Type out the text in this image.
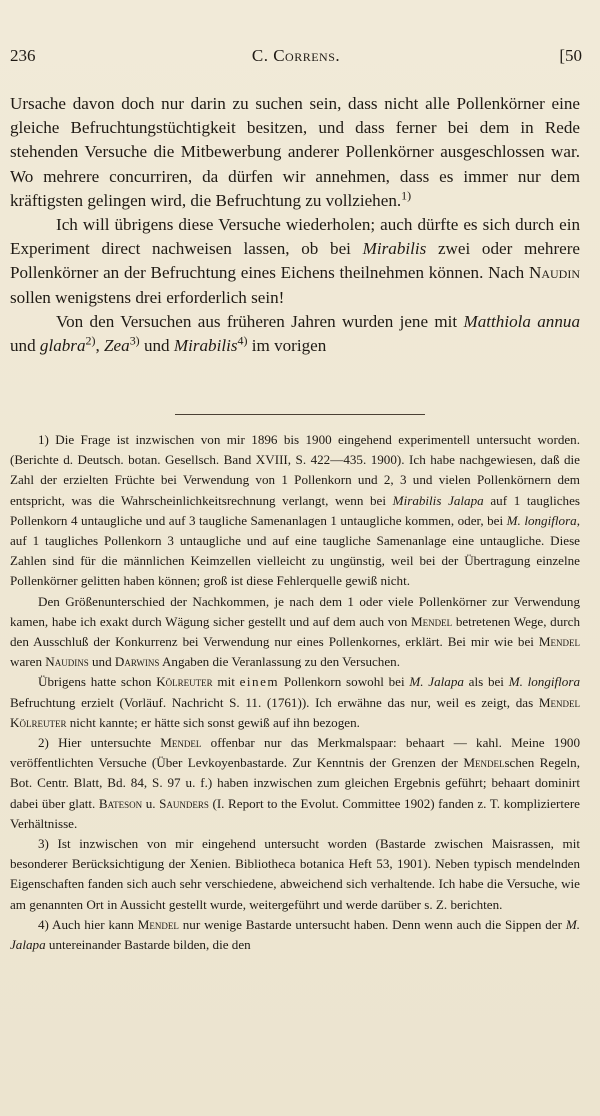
236	C. Correns.	[50

Ursache davon doch nur darin zu suchen sein, dass nicht alle Pollenkörner eine gleiche Befruchtungstüchtigkeit besitzen, und dass ferner bei dem in Rede stehenden Versuche die Mitbewerbung anderer Pollenkörner ausgeschlossen war. Wo mehrere concurriren, da dürfen wir annehmen, dass es immer nur dem kräftigsten gelingen wird, die Befruchtung zu vollziehen.$^{1)}$

Ich will übrigens diese Versuche wiederholen; auch dürfte es sich durch ein Experiment direct nachweisen lassen, ob bei Mirabilis zwei oder mehrere Pollenkörner an der Befruchtung eines Eichens theilnehmen können. Nach Naudin sollen wenigstens drei erforderlich sein!

Von den Versuchen aus früheren Jahren wurden jene mit Matthiola annua und glabra$^{2)}$, Zea$^{3)}$ und Mirabilis$^{4)}$ im vorigen

1) Die Frage ist inzwischen von mir 1896 bis 1900 eingehend experimentell untersucht worden. (Berichte d. Deutsch. botan. Gesellsch. Band XVIII, S. 422—435. 1900). Ich habe nachgewiesen, daß die Zahl der erzielten Früchte bei Verwendung von 1 Pollenkorn und 2, 3 und vielen Pollenkörnern dem entspricht, was die Wahrscheinlichkeitsrechnung verlangt, wenn bei Mirabilis Jalapa auf 1 taugliches Pollenkorn 4 untaugliche und auf 3 taugliche Samenanlagen 1 untaugliche kommen, oder, bei M. longiflora, auf 1 taugliches Pollenkorn 3 untaugliche und auf eine taugliche Samenanlage eine untaugliche. Diese Zahlen sind für die männlichen Keimzellen vielleicht zu ungünstig, weil bei der Übertragung einzelne Pollenkörner gelitten haben können; groß ist diese Fehlerquelle gewiß nicht.

Den Größenunterschied der Nachkommen, je nach dem 1 oder viele Pollenkörner zur Verwendung kamen, habe ich exakt durch Wägung sicher gestellt und auf dem auch von Mendel betretenen Wege, durch den Ausschluß der Konkurrenz bei Verwendung nur eines Pollenkornes, erklärt. Bei mir wie bei Mendel waren Naudins und Darwins Angaben die Veranlassung zu den Versuchen.

Übrigens hatte schon Kölreuter mit einem Pollenkorn sowohl bei M. Jalapa als bei M. longiflora Befruchtung erzielt (Vorläuf. Nachricht S. 11. (1761)). Ich erwähne das nur, weil es zeigt, das Mendel Kölreuter nicht kannte; er hätte sich sonst gewiß auf ihn bezogen.

2) Hier untersuchte Mendel offenbar nur das Merkmalspaar: behaart — kahl. Meine 1900 veröffentlichten Versuche (Über Levkoyenbastarde. Zur Kenntnis der Grenzen der Mendelschen Regeln, Bot. Centr. Blatt, Bd. 84, S. 97 u. f.) haben inzwischen zum gleichen Ergebnis geführt; behaart dominirt dabei über glatt. Bateson u. Saunders (I. Report to the Evolut. Committee 1902) fanden z. T. kompliziertere Verhältnisse.

3) Ist inzwischen von mir eingehend untersucht worden (Bastarde zwischen Maisrassen, mit besonderer Berücksichtigung der Xenien. Bibliotheca botanica Heft 53, 1901). Neben typisch mendelnden Eigenschaften fanden sich auch sehr verschiedene, abweichend sich verhaltende. Ich habe die Versuche, wie am genannten Ort in Aussicht gestellt wurde, weitergeführt und werde darüber s. Z. berichten.

4) Auch hier kann Mendel nur wenige Bastarde untersucht haben. Denn wenn auch die Sippen der M. Jalapa untereinander Bastarde bilden, die den
